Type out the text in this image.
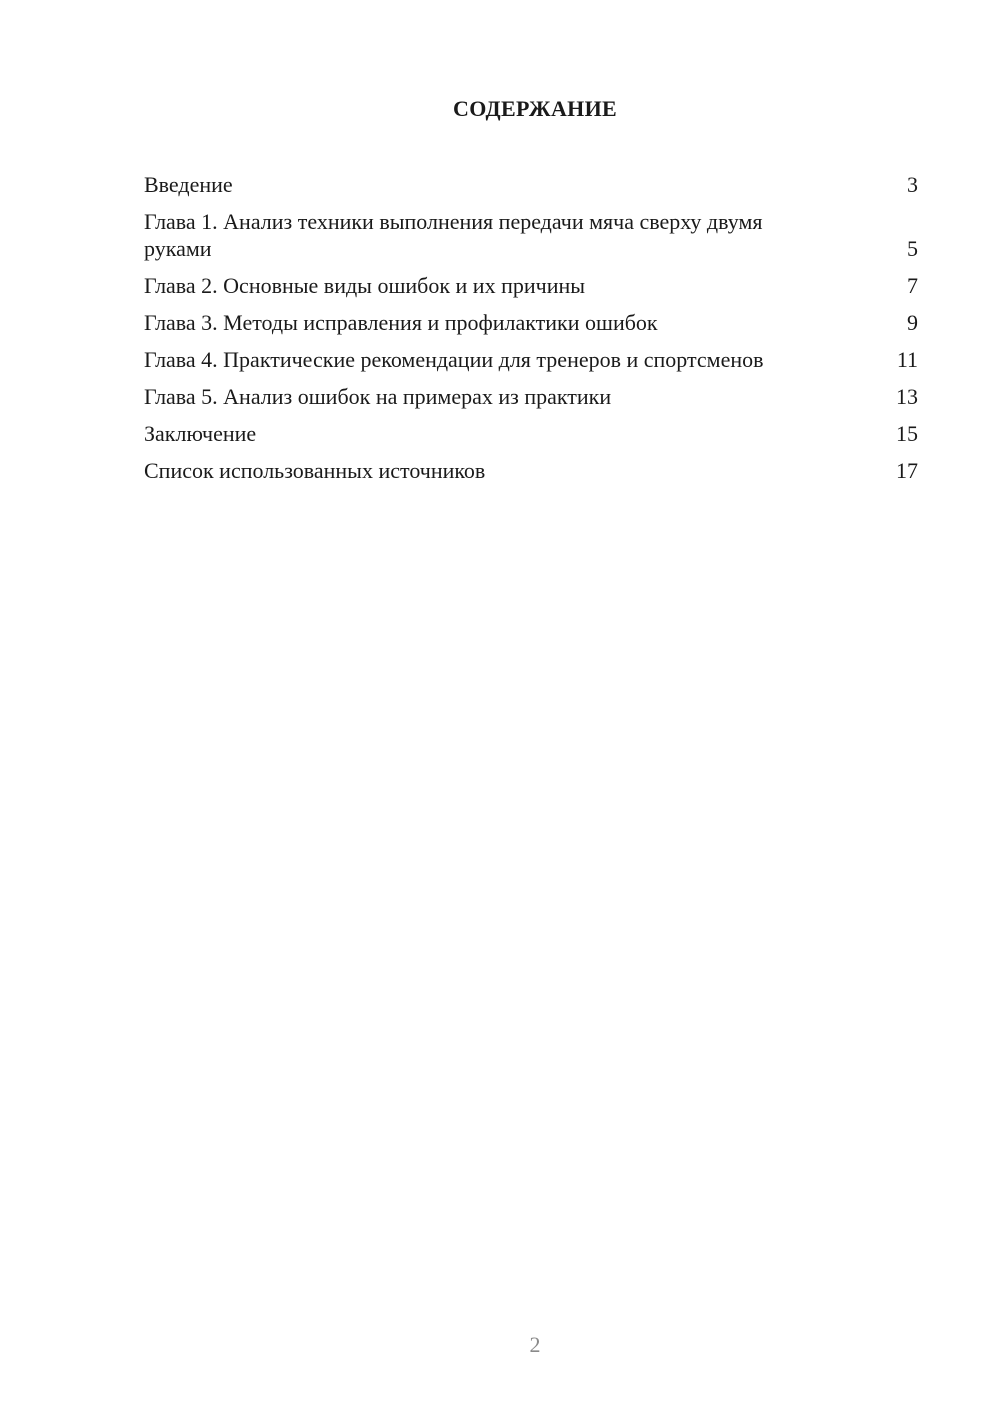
СОДЕРЖАНИЕ
Введение	3
Глава 1. Анализ техники выполнения передачи мяча сверху двумя руками	5
Глава 2. Основные виды ошибок и их причины	7
Глава 3. Методы исправления и профилактики ошибок	9
Глава 4. Практические рекомендации для тренеров и спортсменов	11
Глава 5. Анализ ошибок на примерах из практики	13
Заключение	15
Список использованных источников	17
2
